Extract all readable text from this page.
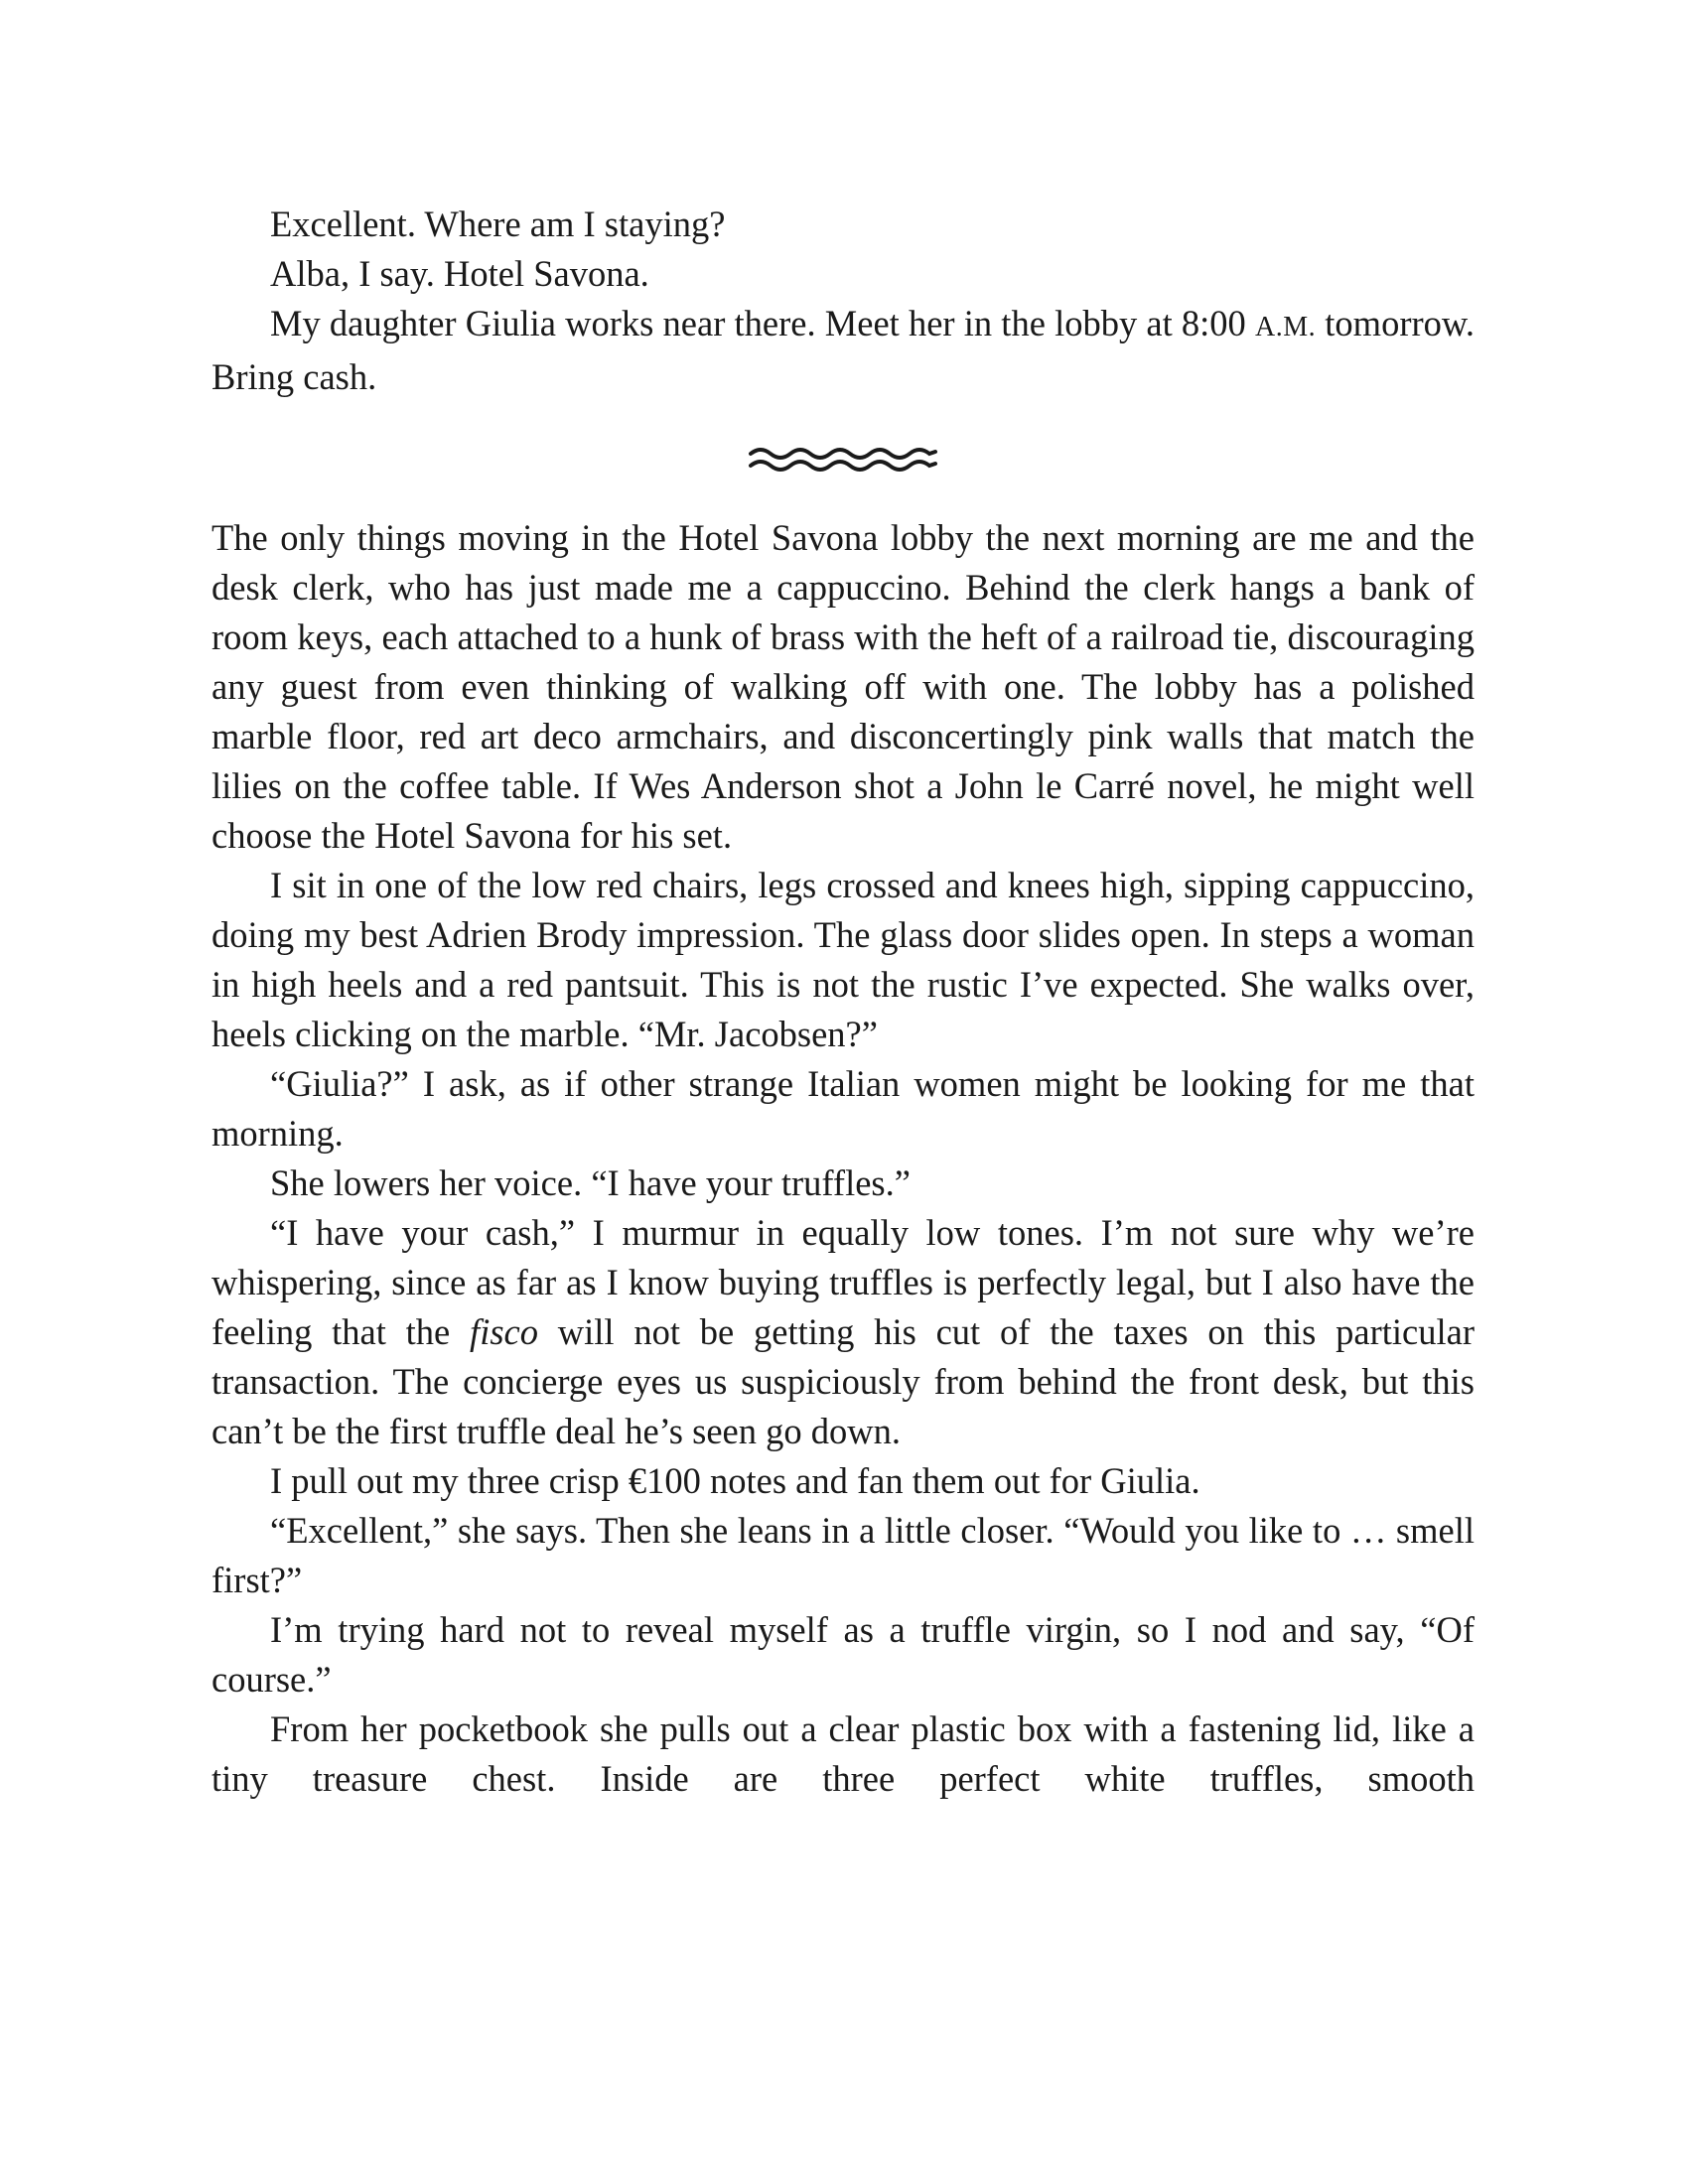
Excellent. Where am I staying?

Alba, I say. Hotel Savona.

My daughter Giulia works near there. Meet her in the lobby at 8:00 A.M. tomorrow. Bring cash.

The only things moving in the Hotel Savona lobby the next morning are me and the desk clerk, who has just made me a cappuccino. Behind the clerk hangs a bank of room keys, each attached to a hunk of brass with the heft of a railroad tie, discouraging any guest from even thinking of walking off with one. The lobby has a polished marble floor, red art deco armchairs, and disconcertingly pink walls that match the lilies on the coffee table. If Wes Anderson shot a John le Carré novel, he might well choose the Hotel Savona for his set.

I sit in one of the low red chairs, legs crossed and knees high, sipping cappuccino, doing my best Adrien Brody impression. The glass door slides open. In steps a woman in high heels and a red pantsuit. This is not the rustic I’ve expected. She walks over, heels clicking on the marble. “Mr. Jacobsen?”

“Giulia?” I ask, as if other strange Italian women might be looking for me that morning.

She lowers her voice. “I have your truffles.”

“I have your cash,” I murmur in equally low tones. I’m not sure why we’re whispering, since as far as I know buying truffles is perfectly legal, but I also have the feeling that the fisco will not be getting his cut of the taxes on this particular transaction. The concierge eyes us suspiciously from behind the front desk, but this can’t be the first truffle deal he’s seen go down.

I pull out my three crisp €100 notes and fan them out for Giulia.

“Excellent,” she says. Then she leans in a little closer. “Would you like to … smell first?”

I’m trying hard not to reveal myself as a truffle virgin, so I nod and say, “Of course.”

From her pocketbook she pulls out a clear plastic box with a fastening lid, like a tiny treasure chest. Inside are three perfect white truffles, smooth
